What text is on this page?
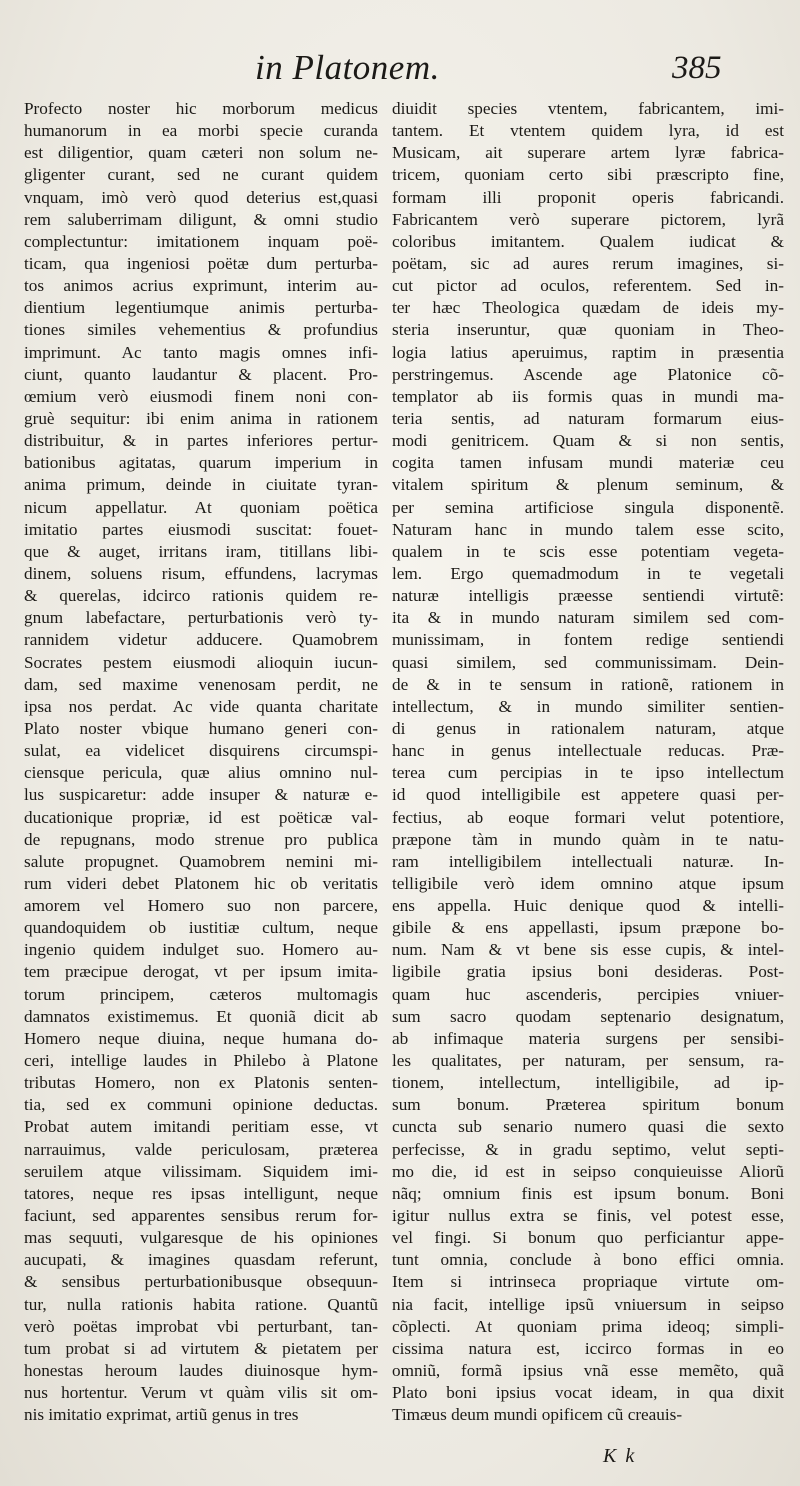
in Platonem.	385
Profecto noster hic morborum medicus
humanorum in ea morbi specie curanda
est diligentior, quam cæteri non solum ne-
gligenter curant, sed ne curant quidem
vnquam, imò verò quod deterius est,quasi
rem saluberrimam diligunt, & omni studio
complectuntur: imitationem inquam poë-
ticam, qua ingeniosi poëtæ dum perturba-
tos animos acrius exprimunt, interim au-
dientium legentiumque animis perturba-
tiones similes vehementius & profundius
imprimunt. Ac tanto magis omnes infi-
ciunt, quanto laudantur & placent. Pro-
œmium verò eiusmodi finem noni con-
gruè sequitur: ibi enim anima in rationem
distribuitur, & in partes inferiores pertur-
bationibus agitatas, quarum imperium in
anima primum, deinde in ciuitate tyran-
nicum appellatur. At quoniam poëtica
imitatio partes eiusmodi suscitat: fouet-
que & auget, irritans iram, titillans libi-
dinem, soluens risum, effundens, lacrymas
& querelas, idcirco rationis quidem re-
gnum labefactare, perturbationis verò ty-
rannidem videtur adducere. Quamobrem
Socrates pestem eiusmodi alioquin iucun-
dam, sed maxime venenosam perdit, ne
ipsa nos perdat. Ac vide quanta charitate
Plato noster vbique humano generi con-
sulat, ea videlicet disquirens circumspi-
ciensque pericula, quæ alius omnino nul-
lus suspicaretur: adde insuper & naturæ e-
ducationique propriæ, id est poëticæ val-
de repugnans, modo strenue pro publica
salute propugnet. Quamobrem nemini mi-
rum videri debet Platonem hic ob veritatis
amorem vel Homero suo non parcere,
quandoquidem ob iustitiæ cultum, neque
ingenio quidem indulget suo. Homero au-
tem præcipue derogat, vt per ipsum imita-
torum principem, cæteros multomagis
damnatos existimemus. Et quoniã dicit ab
Homero neque diuina, neque humana do-
ceri, intellige laudes in Philebo à Platone
tributas Homero, non ex Platonis senten-
tia, sed ex communi opinione deductas.
Probat autem imitandi peritiam esse, vt
narrauimus, valde periculosam, præterea
seruilem atque vilissimam. Siquidem imi-
tatores, neque res ipsas intelligunt, neque
faciunt, sed apparentes sensibus rerum for-
mas sequuti, vulgaresque de his opiniones
aucupati, & imagines quasdam referunt,
& sensibus perturbationibusque obsequun-
tur, nulla rationis habita ratione. Quantũ
verò poëtas improbat vbi perturbant, tan-
tum probat si ad virtutem & pietatem per
honestas heroum laudes diuinosque hym-
nus hortentur. Verum vt quàm vilis sit om-
nis imitatio exprimat, artiũ genus in tres
diuidit species vtentem, fabricantem, imi-
tantem. Et vtentem quidem lyra, id est
Musicam, ait superare artem lyræ fabrica-
tricem, quoniam certo sibi præscripto fine,
formam illi proponit operis fabricandi.
Fabricantem verò superare pictorem, lyrã
coloribus imitantem. Qualem iudicat &
poëtam, sic ad aures rerum imagines, si-
cut pictor ad oculos, referentem. Sed in-
ter hæc Theologica quædam de ideis my-
steria inseruntur, quæ quoniam in Theo-
logia latius aperuimus, raptim in præsentia
perstringemus. Ascende age Platonice cõ-
templator ab iis formis quas in mundi ma-
teria sentis, ad naturam formarum eius-
modi genitricem. Quam & si non sentis,
cogita tamen infusam mundi materiæ ceu
vitalem spiritum & plenum seminum, &
per semina artificiose singula disponentẽ.
Naturam hanc in mundo talem esse scito,
qualem in te scis esse potentiam vegeta-
lem. Ergo quemadmodum in te vegetali
naturæ intelligis præesse sentiendi virtutẽ:
ita & in mundo naturam similem sed com-
munissimam, in fontem redige sentiendi
quasi similem, sed communissimam. Dein-
de & in te sensum in rationẽ, rationem in
intellectum, & in mundo similiter sentien-
di genus in rationalem naturam, atque
hanc in genus intellectuale reducas. Præ-
terea cum percipias in te ipso intellectum
id quod intelligibile est appetere quasi per-
fectius, ab eoque formari velut potentiore,
præpone tàm in mundo quàm in te natu-
ram intelligibilem intellectuali naturæ. In-
telligibile verò idem omnino atque ipsum
ens appella. Huic denique quod & intelli-
gibile & ens appellasti, ipsum præpone bo-
num. Nam & vt bene sis esse cupis, & intel-
ligibile gratia ipsius boni desideras. Post-
quam huc ascenderis, percipies vniuer-
sum sacro quodam septenario designatum,
ab infimaque materia surgens per sensibi-
les qualitates, per naturam, per sensum, ra-
tionem, intellectum, intelligibile, ad ip-
sum bonum. Præterea spiritum bonum
cuncta sub senario numero quasi die sexto
perfecisse, & in gradu septimo, velut septi-
mo die, id est in seipso conquieuisse Aliorũ
nãq; omnium finis est ipsum bonum. Boni
igitur nullus extra se finis, vel potest esse,
vel fingi. Si bonum quo perficiantur appe-
tunt omnia, conclude à bono effici omnia.
Item si intrinseca propriaque virtute om-
nia facit, intellige ipsũ vniuersum in seipso
cõplecti. At quoniam prima ideoq; simpli-
cissima natura est, iccirco formas in eo
omniũ, formã ipsius vnã esse memẽto, quã
Plato boni ipsius vocat ideam, in qua dixit
Timæus deum mundi opificem cũ creauis-
K k
